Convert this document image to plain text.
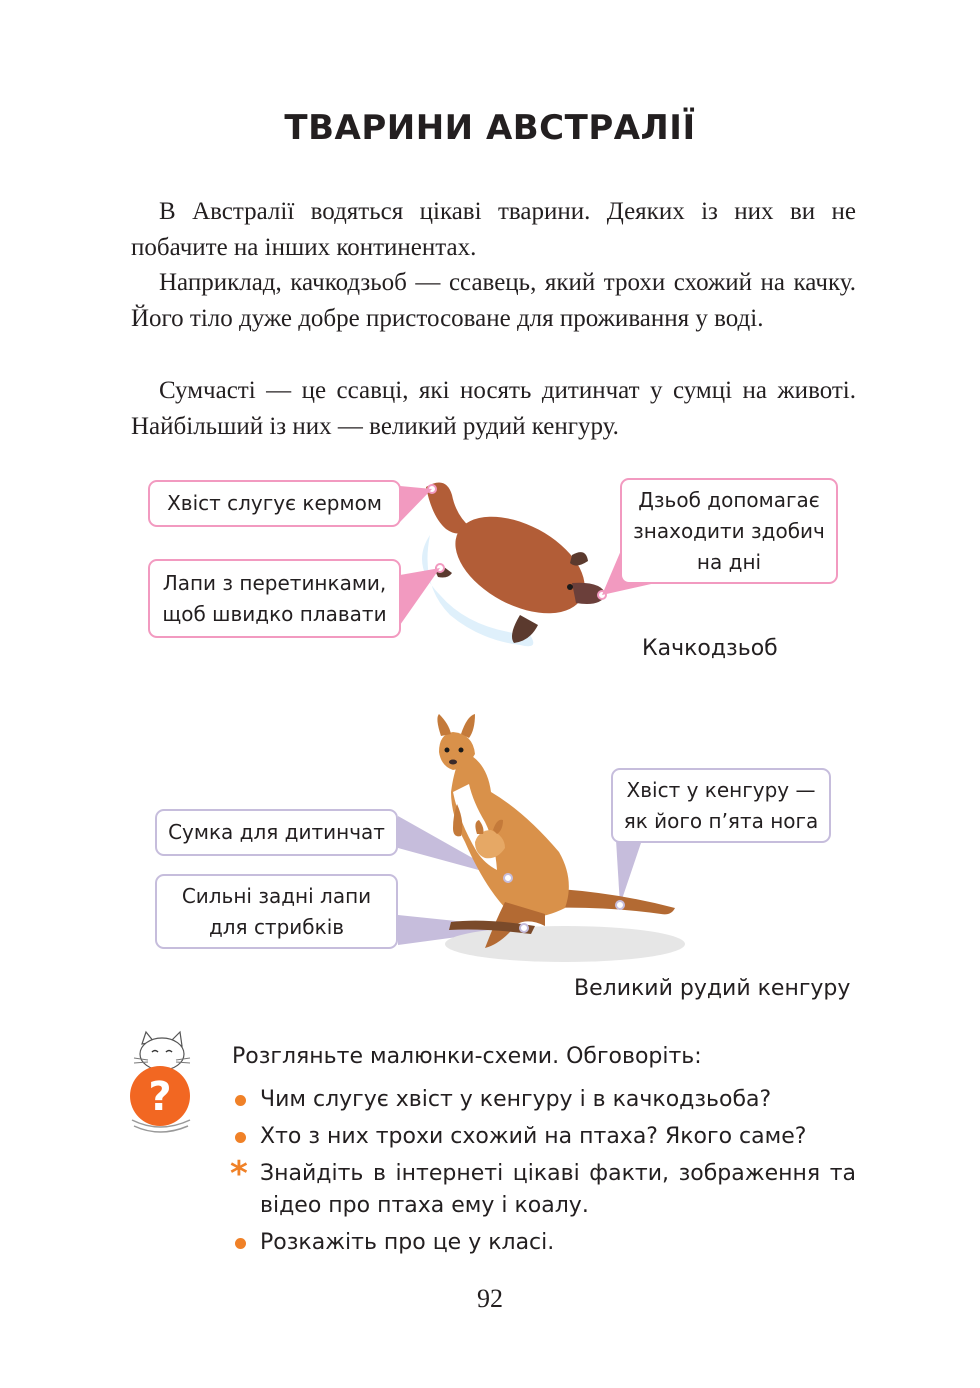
ТВАРИНИ АВСТРАЛІЇ

В Австралії водяться цікаві тварини. Деяких із них ви не побачите на інших континентах.

Наприклад, качкодзьоб — ссавець, який трохи схожий на качку. Його тіло дуже добре пристосоване для проживання у воді.

Сумчасті — це ссавці, які носять дитинчат у сумці на животі. Найбільший із них — великий рудий кенгуру.

Хвіст слугує кермом
Лапи з перетинками, щоб швидко плавати
Дзьоб допомагає знаходити здобич на дні
Качкодзьоб
Сумка для дитинчат
Сильні задні лапи для стрибків
Хвіст у кенгуру — як його п’ята нога
Великий рудий кенгуру
?
Розгляньте малюнки-схеми. Обговоріть:
Чим слугує хвіст у кенгуру і в качкодзьоба?
Хто з них трохи схожий на птаха? Якого саме?
* Знайдіть в інтернеті цікаві факти, зображення та відео про птаха ему і коалу.
Розкажіть про це у класі.
92
